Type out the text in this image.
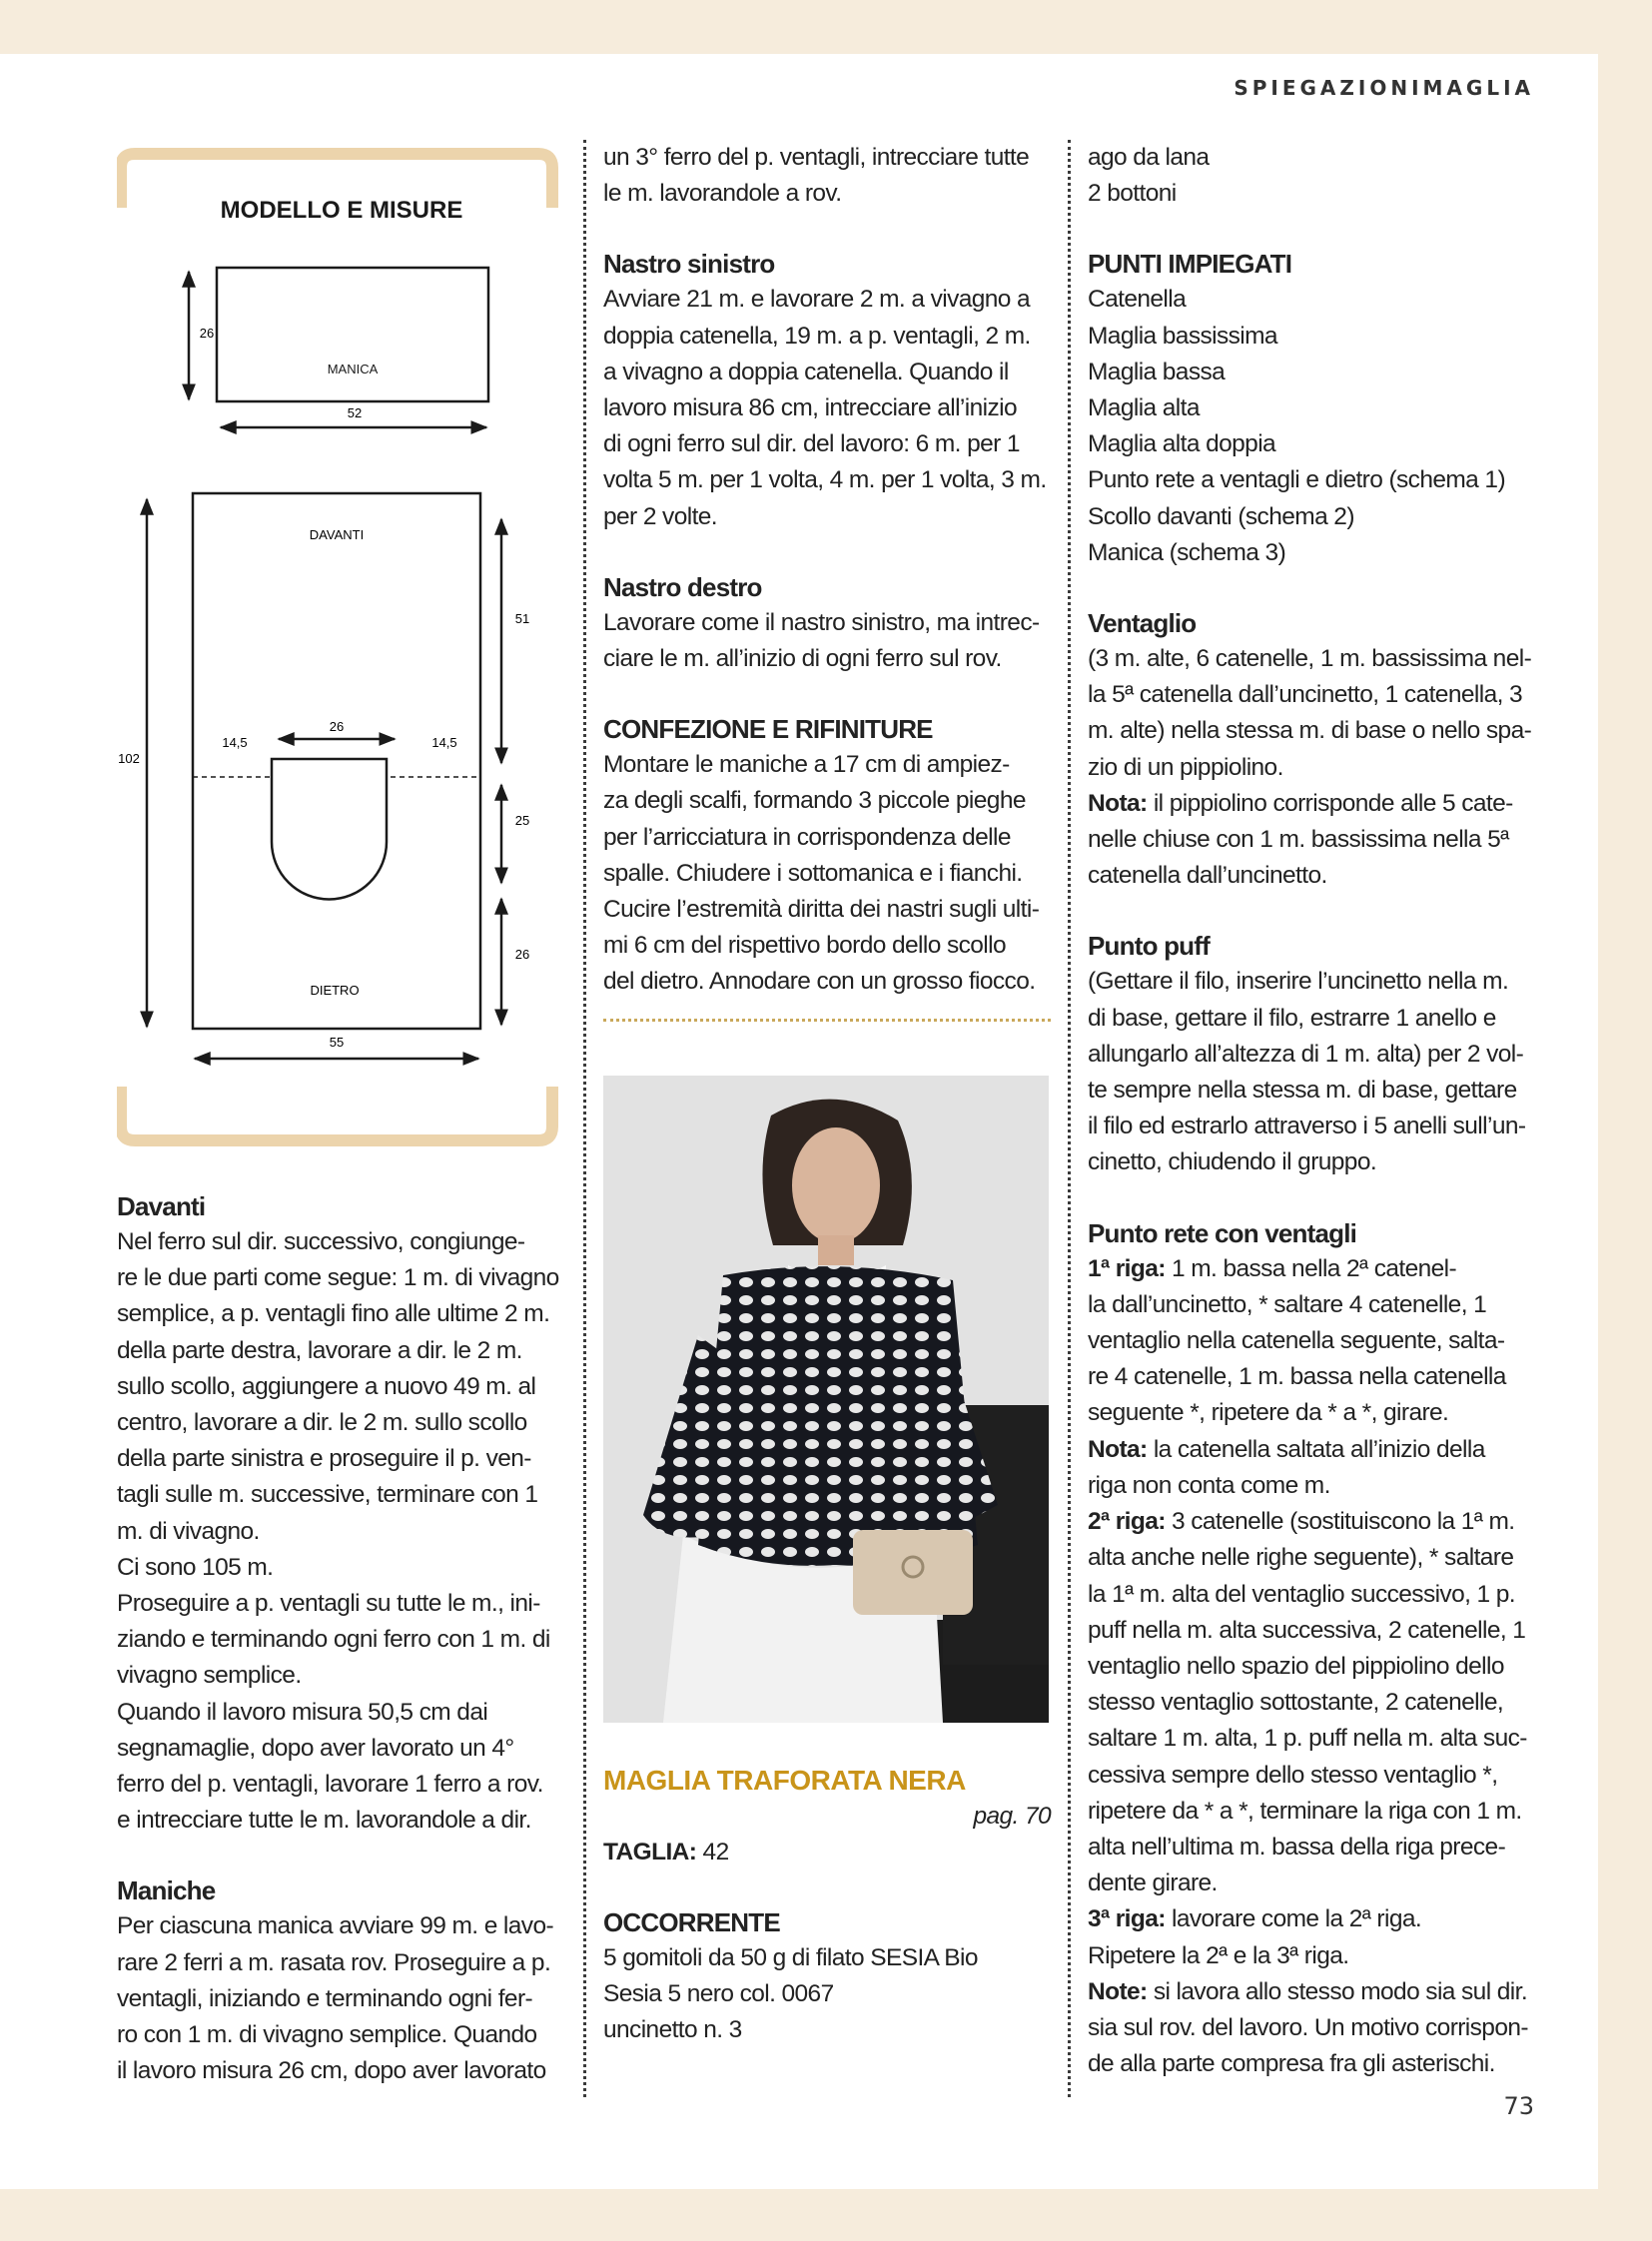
SPIEGAZIONIMAGLIA
MODELLO E MISURE
MANICA
26
52
DAVANTI
DIETRO
102
51
25
26
14,5
26
14,5
55
Davanti
Nel ferro sul dir. successivo, congiunge-
re le due parti come segue: 1 m. di vivagno
semplice, a p. ventagli fino alle ultime 2 m.
della parte destra, lavorare a dir. le 2 m.
sullo scollo, aggiungere a nuovo 49 m. al
centro, lavorare a dir. le 2 m. sullo scollo
della parte sinistra e proseguire il p. ven-
tagli sulle m. successive, terminare con 1
m. di vivagno.
Ci sono 105 m.
Proseguire a p. ventagli su tutte le m., ini-
ziando e terminando ogni ferro con 1 m. di
vivagno semplice.
Quando il lavoro misura 50,5 cm dai
segnamaglie, dopo aver lavorato un 4°
ferro del p. ventagli, lavorare 1 ferro a rov.
e intrecciare tutte le m. lavorandole a dir.
Maniche
Per ciascuna manica avviare 99 m. e lavo-
rare 2 ferri a m. rasata rov. Proseguire a p.
ventagli, iniziando e terminando ogni fer-
ro con 1 m. di vivagno semplice. Quando
il lavoro misura 26 cm, dopo aver lavorato
un 3° ferro del p. ventagli, intrecciare tutte
le m. lavorandole a rov.
Nastro sinistro
Avviare 21 m. e lavorare 2 m. a vivagno a
doppia catenella, 19 m. a p. ventagli, 2 m.
a vivagno a doppia catenella. Quando il
lavoro misura 86 cm, intrecciare all’inizio
di ogni ferro sul dir. del lavoro: 6 m. per 1
volta 5 m. per 1 volta, 4 m. per 1 volta, 3 m.
per 2 volte.
Nastro destro
Lavorare come il nastro sinistro, ma intrec-
ciare le m. all’inizio di ogni ferro sul rov.
CONFEZIONE E RIFINITURE
Montare le maniche a 17 cm di ampiez-
za degli scalfi, formando 3 piccole pieghe
per l’arricciatura in corrispondenza delle
spalle. Chiudere i sottomanica e i fianchi.
Cucire l’estremità diritta dei nastri sugli ulti-
mi 6 cm del rispettivo bordo dello scollo
del dietro. Annodare con un grosso fiocco.
MAGLIA TRAFORATA NERA
pag. 70
TAGLIA: 42
OCCORRENTE
5 gomitoli da 50 g di filato SESIA Bio
Sesia 5 nero col. 0067
uncinetto n. 3
ago da lana
2 bottoni
PUNTI IMPIEGATI
Catenella
Maglia bassissima
Maglia bassa
Maglia alta
Maglia alta doppia
Punto rete a ventagli e dietro (schema 1)
Scollo davanti (schema 2)
Manica (schema 3)
Ventaglio
(3 m. alte, 6 catenelle, 1 m. bassissima nel-
la 5ª catenella dall’uncinetto, 1 catenella, 3
m. alte) nella stessa m. di base o nello spa-
zio di un pippiolino.
Nota: il pippiolino corrisponde alle 5 cate-
nelle chiuse con 1 m. bassissima nella 5ª
catenella dall’uncinetto.
Punto puff
(Gettare il filo, inserire l’uncinetto nella m.
di base, gettare il filo, estrarre 1 anello e
allungarlo all’altezza di 1 m. alta) per 2 vol-
te sempre nella stessa m. di base, gettare
il filo ed estrarlo attraverso i 5 anelli sull’un-
cinetto, chiudendo il gruppo.
Punto rete con ventagli
1ª riga: 1 m. bassa nella 2ª catenel-
la dall’uncinetto, * saltare 4 catenelle, 1
ventaglio nella catenella seguente, salta-
re 4 catenelle, 1 m. bassa nella catenella
seguente *, ripetere da * a *, girare.
Nota: la catenella saltata all’inizio della
riga non conta come m.
2ª riga: 3 catenelle (sostituiscono la 1ª m.
alta anche nelle righe seguente), * saltare
la 1ª m. alta del ventaglio successivo, 1 p.
puff nella m. alta successiva, 2 catenelle, 1
ventaglio nello spazio del pippiolino dello
stesso ventaglio sottostante, 2 catenelle,
saltare 1 m. alta, 1 p. puff nella m. alta suc-
cessiva sempre dello stesso ventaglio *,
ripetere da * a *, terminare la riga con 1 m.
alta nell’ultima m. bassa della riga prece-
dente girare.
3ª riga: lavorare come la 2ª riga.
Ripetere la 2ª e la 3ª riga.
Note: si lavora allo stesso modo sia sul dir.
sia sul rov. del lavoro. Un motivo corrispon-
de alla parte compresa fra gli asterischi.
73
